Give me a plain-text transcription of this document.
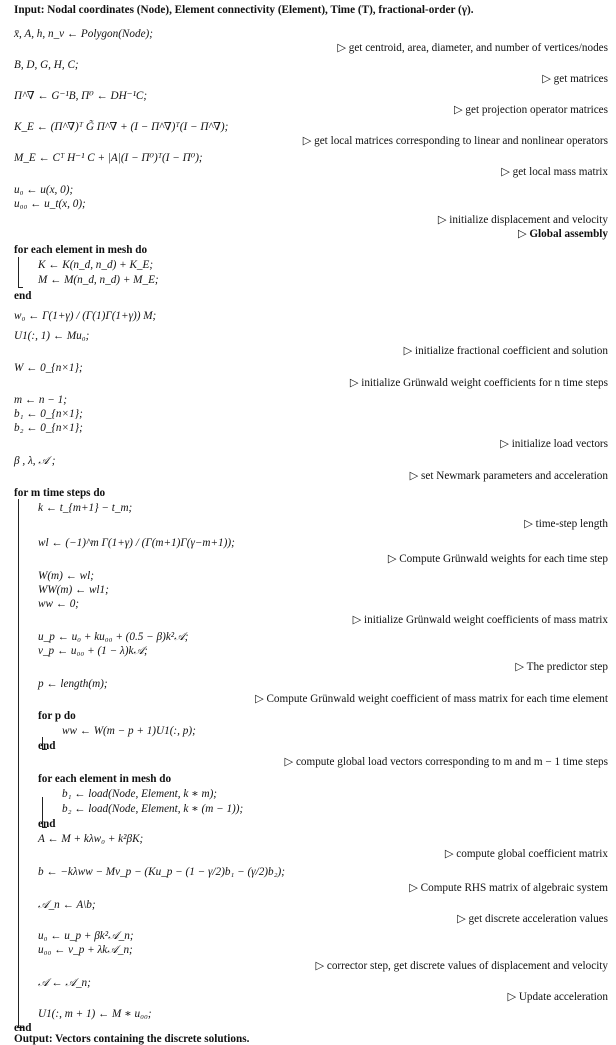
Input: Nodal coordinates (Node), Element connectivity (Element), Time (T), fractional-order (γ).
x̄, A, h, n_v ← Polygon(Node);
▷ get centroid, area, diameter, and number of vertices/nodes
B, D, G, H, C;
▷ get matrices
Π^∇ ← G⁻¹B, Π⁰ ← DH⁻¹C;
▷ get projection operator matrices
K_E ← (Π^∇)ᵀ G̃ Π^∇ + (I − Π^∇)ᵀ(I − Π^∇);
▷ get local matrices corresponding to linear and nonlinear operators
M_E ← Cᵀ H⁻¹ C + |A|(I − Π⁰)ᵀ(I − Π⁰);
▷ get local mass matrix
u₀ ← u(x, 0);
u₀₀ ← u_t(x, 0);
▷ initialize displacement and velocity
▷ Global assembly
for each element in mesh do
K ← K(n_d, n_d) + K_E;
M ← M(n_d, n_d) + M_E;
end
w₀ ← Γ(1+γ) / (Γ(1)Γ(1+γ)) M;
U1(:, 1) ← Mu₀;
▷ initialize fractional coefficient and solution
W ← 0_{n×1};
▷ initialize Grünwald weight coefficients for n time steps
m ← n − 1;
b₁ ← 0_{n×1};
b₂ ← 0_{n×1};
▷ initialize load vectors
β , λ, 𝒜 ;
▷ set Newmark parameters and acceleration
for m time steps do
k ← t_{m+1} − t_m;
▷ time-step length
wl ← (−1)^m Γ(1+γ) / (Γ(m+1)Γ(γ−m+1));
▷ Compute Grünwald weights for each time step
W(m) ← wl;
WW(m) ← wl1;
ww ← 0;
▷ initialize Grünwald weight coefficients of mass matrix
u_p ← u₀ + ku₀₀ + (0.5 − β)k²𝒜;
v_p ← u₀₀ + (1 − λ)k𝒜;
▷ The predictor step
p ← length(m);
▷ Compute Grünwald weight coefficient of mass matrix for each time element
for p do
ww ← W(m − p + 1)U1(:, p);
end
▷ compute global load vectors corresponding to m and m − 1 time steps
for each element in mesh do
b₁ ← load(Node, Element, k ∗ m);
b₂ ← load(Node, Element, k ∗ (m − 1));
end
A ← M + kλw₀ + k²βK;
▷ compute global coefficient matrix
b ← −kλww − Mv_p − (Ku_p − (1 − γ/2)b₁ − (γ/2)b₂);
▷ Compute RHS matrix of algebraic system
𝒜_n ← A\b;
▷ get discrete acceleration values
u₀ ← u_p + βk²𝒜_n;
u₀₀ ← v_p + λk𝒜_n;
▷ corrector step, get discrete values of displacement and velocity
𝒜 ← 𝒜_n;
▷ Update acceleration
U1(:, m + 1) ← M ∗ u₀₀;
end
Output: Vectors containing the discrete solutions.
